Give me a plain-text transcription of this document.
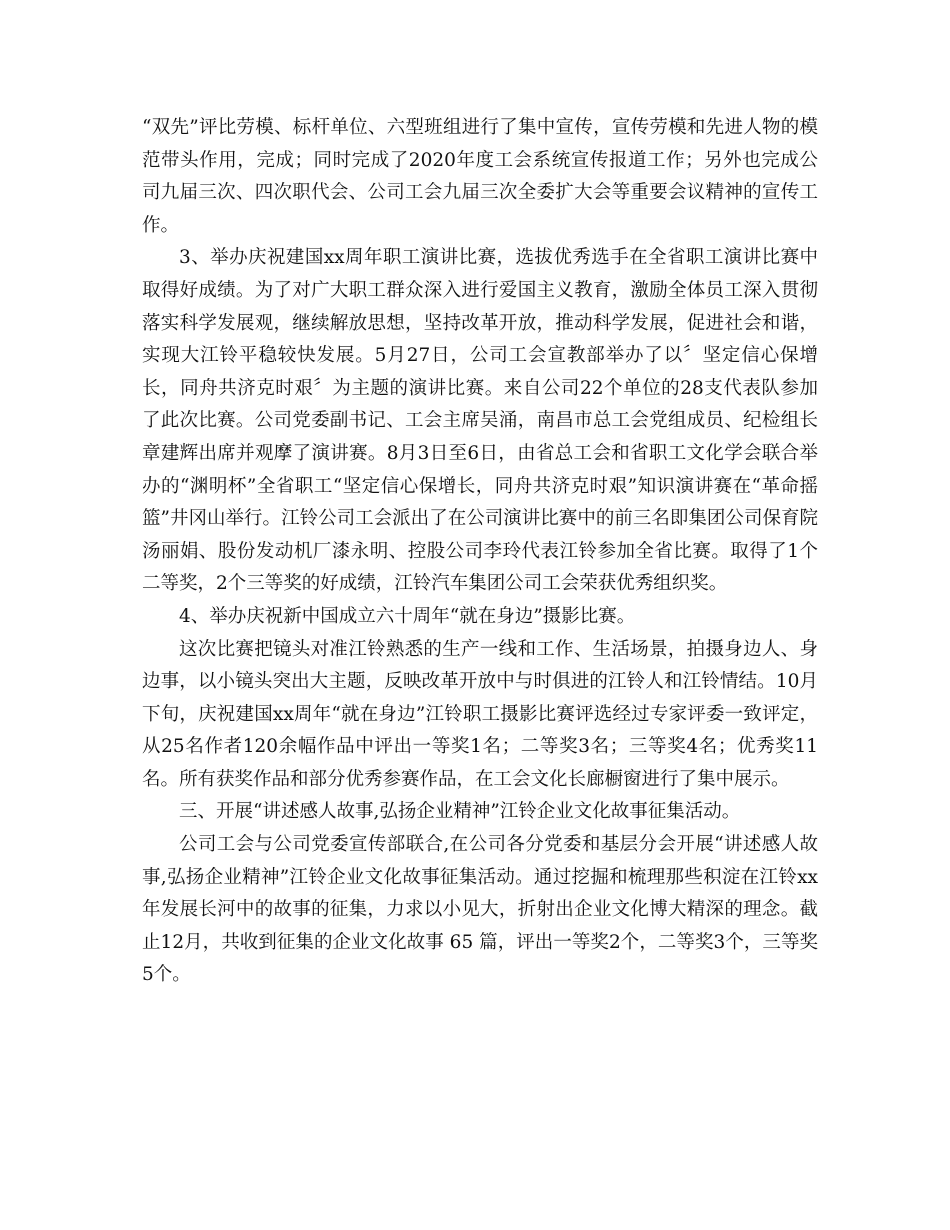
“双先”评比劳模、标杆单位、六型班组进行了集中宣传，宣传劳模和先进人物的模范带头作用，完成；同时完成了2020年度工会系统宣传报道工作；另外也完成公司九届三次、四次职代会、公司工会九届三次全委扩大会等重要会议精神的宣传工作。

3、举办庆祝建国xx周年职工演讲比赛，选拔优秀选手在全省职工演讲比赛中取得好成绩。为了对广大职工群众深入进行爱国主义教育，激励全体员工深入贯彻落实科学发展观，继续解放思想，坚持改革开放，推动科学发展，促进社会和谐，实现大江铃平稳较快发展。5月27日，公司工会宣教部举办了以〞坚定信心保增长，同舟共济克时艰〞为主题的演讲比赛。来自公司22个单位的28支代表队参加了此次比赛。公司党委副书记、工会主席吴涌，南昌市总工会党组成员、纪检组长章建辉出席并观摩了演讲赛。8月3日至6日，由省总工会和省职工文化学会联合举办的“渊明杯”全省职工“坚定信心保增长，同舟共济克时艰”知识演讲赛在“革命摇篮”井冈山举行。江铃公司工会派出了在公司演讲比赛中的前三名即集团公司保育院汤丽娟、股份发动机厂漆永明、控股公司李玲代表江铃参加全省比赛。取得了1个二等奖，2个三等奖的好成绩，江铃汽车集团公司工会荣获优秀组织奖。

4、举办庆祝新中国成立六十周年“就在身边”摄影比赛。

这次比赛把镜头对准江铃熟悉的生产一线和工作、生活场景，拍摄身边人、身边事，以小镜头突出大主题，反映改革开放中与时俱进的江铃人和江铃情结。10月下旬，庆祝建国xx周年“就在身边”江铃职工摄影比赛评选经过专家评委一致评定，从25名作者120余幅作品中评出一等奖1名；二等奖3名；三等奖4名；优秀奖11名。所有获奖作品和部分优秀参赛作品，在工会文化长廊橱窗进行了集中展示。

三、开展“讲述感人故事,弘扬企业精神”江铃企业文化故事征集活动。

公司工会与公司党委宣传部联合,在公司各分党委和基层分会开展“讲述感人故事,弘扬企业精神”江铃企业文化故事征集活动。通过挖掘和梳理那些积淀在江铃xx年发展长河中的故事的征集，力求以小见大，折射出企业文化博大精深的理念。截止12月，共收到征集的企业文化故事 65 篇，评出一等奖2个，二等奖3个，三等奖5个。
